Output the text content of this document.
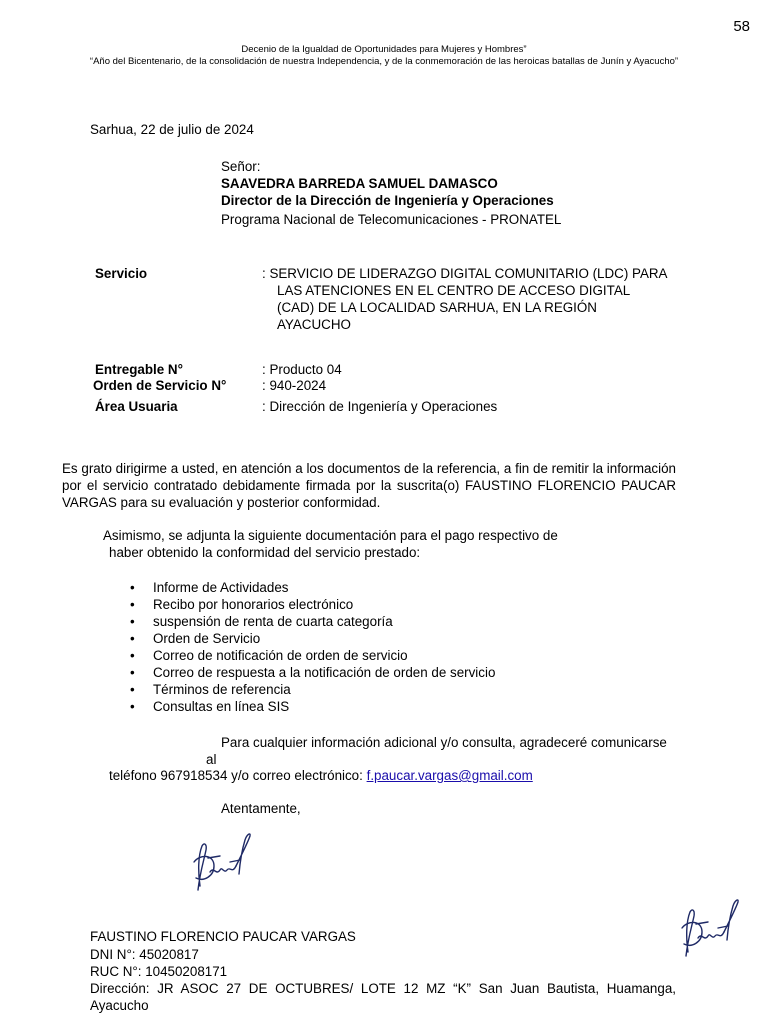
58
Decenio de la Igualdad de Oportunidades para Mujeres y Hombres”
“Año del Bicentenario, de la consolidación de nuestra Independencia, y de la conmemoración de las heroicas batallas de Junín y Ayacucho”
Sarhua, 22 de julio de 2024
Señor:
SAAVEDRA BARREDA SAMUEL DAMASCO
Director de la Dirección de Ingeniería y Operaciones
Programa Nacional de Telecomunicaciones - PRONATEL
Servicio	: SERVICIO DE LIDERAZGO DIGITAL COMUNITARIO (LDC) PARA
LAS ATENCIONES EN EL CENTRO DE ACCESO DIGITAL
(CAD) DE LA LOCALIDAD SARHUA, EN LA REGIÓN
AYACUCHO
Entregable N°	: Producto 04
Orden de Servicio N°	: 940-2024
Área Usuaria	: Dirección de Ingeniería y Operaciones
Es grato dirigirme a usted, en atención a los documentos de la referencia, a fin de remitir la información
por el servicio contratado debidamente firmada por la suscrita(o) FAUSTINO FLORENCIO PAUCAR
VARGAS para su evaluación y posterior conformidad.
Asimismo, se adjunta la siguiente documentación para el pago respectivo de
haber obtenido la conformidad del servicio prestado:
• Informe de Actividades
• Recibo por honorarios electrónico
• suspensión de renta de cuarta categoría
• Orden de Servicio
• Correo de notificación de orden de servicio
• Correo de respuesta a la notificación de orden de servicio
• Términos de referencia
• Consultas en línea SIS
Para cualquier información adicional y/o consulta, agradeceré comunicarse
al
teléfono 967918534 y/o correo electrónico: f.paucar.vargas@gmail.com
Atentamente,
FAUSTINO FLORENCIO PAUCAR VARGAS
DNI N°: 45020817
RUC N°: 10450208171
Dirección: JR ASOC 27 DE OCTUBRES/ LOTE 12 MZ “K” San Juan Bautista, Huamanga,
Ayacucho
